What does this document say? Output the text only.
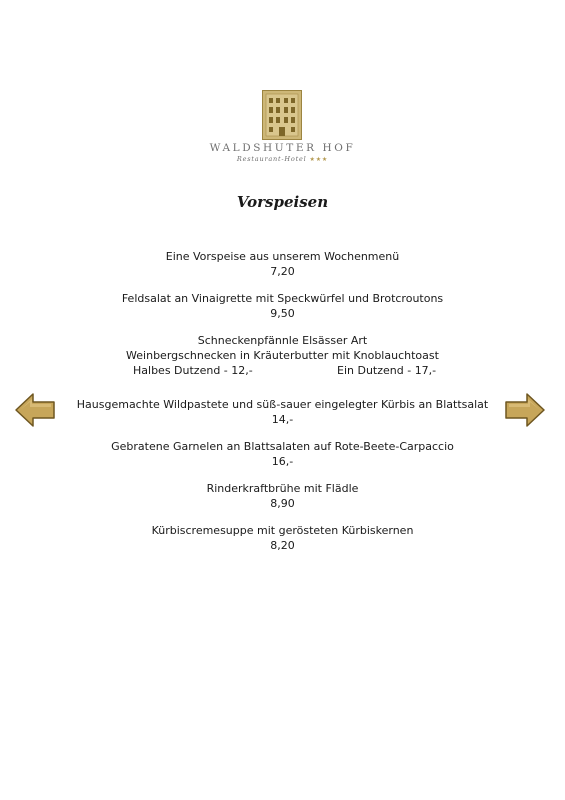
WALDSHUTER HOF
Restaurant-Hotel ★★★
Vorspeisen
Eine Vorspeise aus unserem Wochenmenü
7,20
Feldsalat an Vinaigrette mit Speckwürfel und Brotcroutons
9,50
Schneckenpfännle Elsässer Art
Weinbergschnecken in Kräuterbutter mit Knoblauchtoast
Halbes Dutzend - 12,-	Ein Dutzend - 17,-
Hausgemachte Wildpastete und süß-sauer eingelegter Kürbis an Blattsalat
14,-
Gebratene Garnelen an Blattsalaten auf Rote-Beete-Carpaccio
16,-
Rinderkraftbrühe mit Flädle
8,90
Kürbiscremesuppe mit gerösteten Kürbiskernen
8,20
